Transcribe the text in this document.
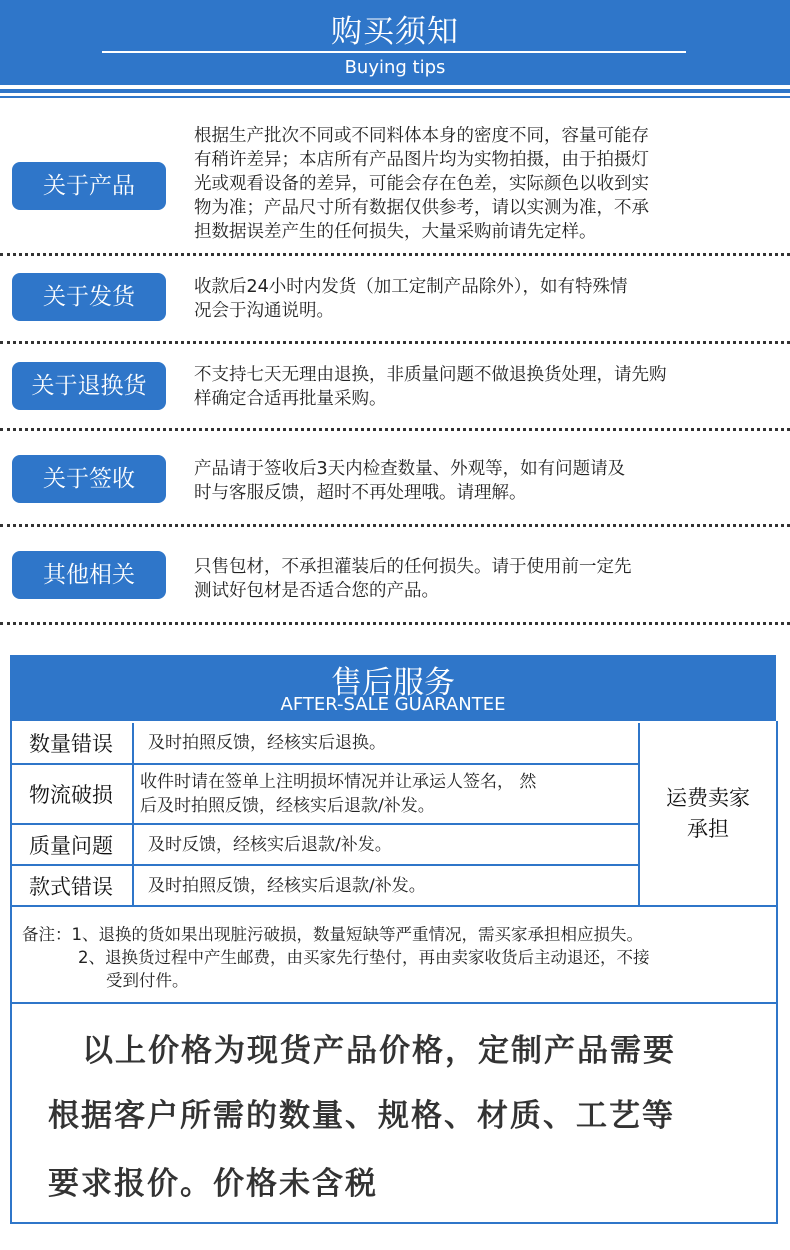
购买须知
Buying tips
关于产品
根据生产批次不同或不同料体本身的密度不同，容量可能存
有稍许差异；本店所有产品图片均为实物拍摄，由于拍摄灯
光或观看设备的差异，可能会存在色差，实际颜色以收到实
物为准；产品尺寸所有数据仅供参考，请以实测为准，不承
担数据误差产生的任何损失，大量采购前请先定样。
关于发货	收款后24小时内发货（加工定制产品除外），如有特殊情
况会于沟通说明。
关于退换货	不支持七天无理由退换，非质量问题不做退换货处理，请先购
样确定合适再批量采购。
关于签收	产品请于签收后3天内检查数量、外观等，如有问题请及
时与客服反馈，超时不再处理哦。请理解。
其他相关	只售包材，不承担灌装后的任何损失。请于使用前一定先
测试好包材是否适合您的产品。
售后服务
AFTER-SALE GUARANTEE
数量错误	及时拍照反馈，经核实后退换。
物流破损
收件时请在签单上注明损坏情况并让承运人签名， 然
后及时拍照反馈，经核实后退款/补发。
质量问题	及时反馈，经核实后退款/补发。
款式错误	及时拍照反馈，经核实后退款/补发。
运费卖家
承担
备注：1、退换的货如果出现脏污破损，数量短缺等严重情况，需买家承担相应损失。
2、退换货过程中产生邮费，由买家先行垫付，再由卖家收货后主动退还，不接
受到付件。
以上价格为现货产品价格，定制产品需要
根据客户所需的数量、规格、材质、工艺等
要求报价。价格未含税
